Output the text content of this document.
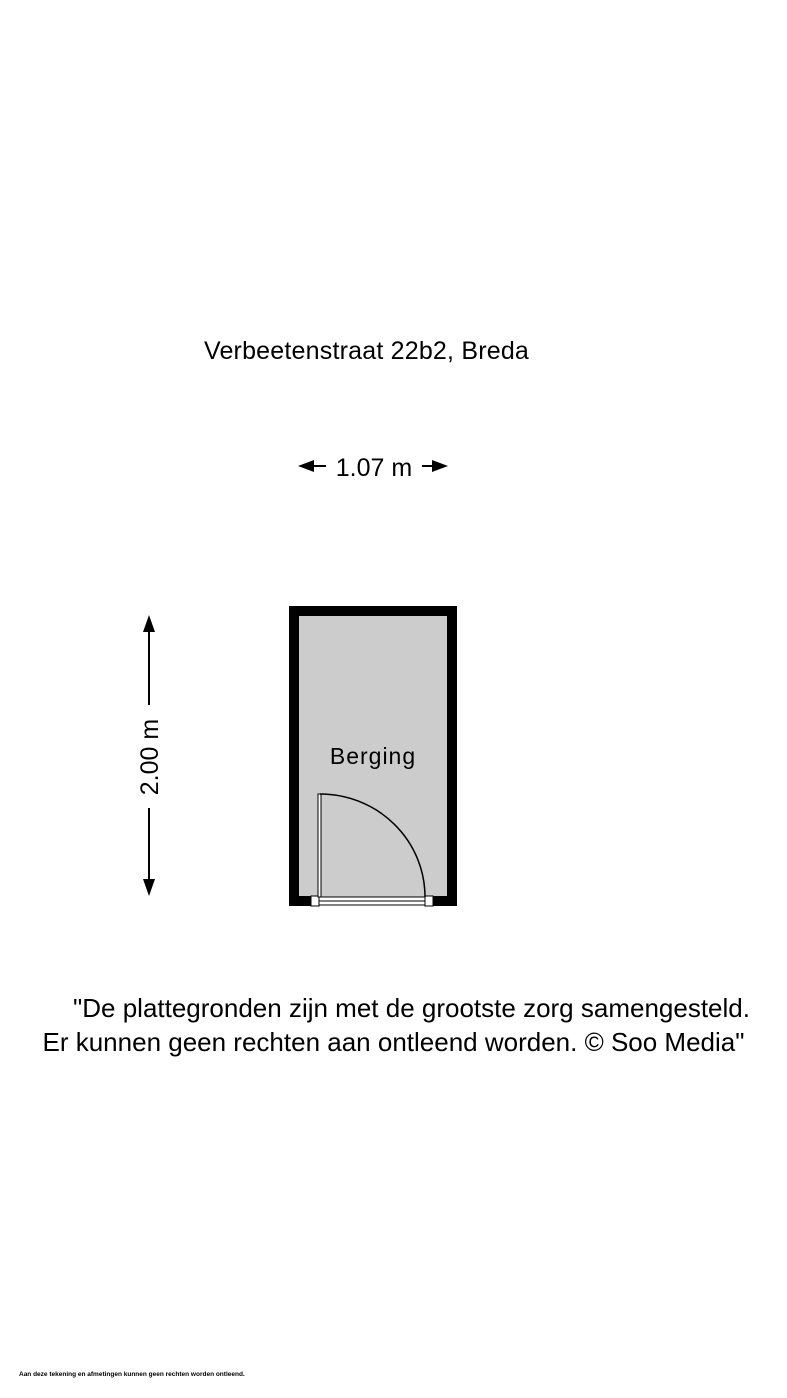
Verbeetenstraat 22b2, Breda
1.07 m
2.00 m	Berging
"De plattegronden zijn met de grootste zorg samengesteld.
Er kunnen geen rechten aan ontleend worden. © Soo Media"
Aan deze tekening en afmetingen kunnen geen rechten worden ontleend.
